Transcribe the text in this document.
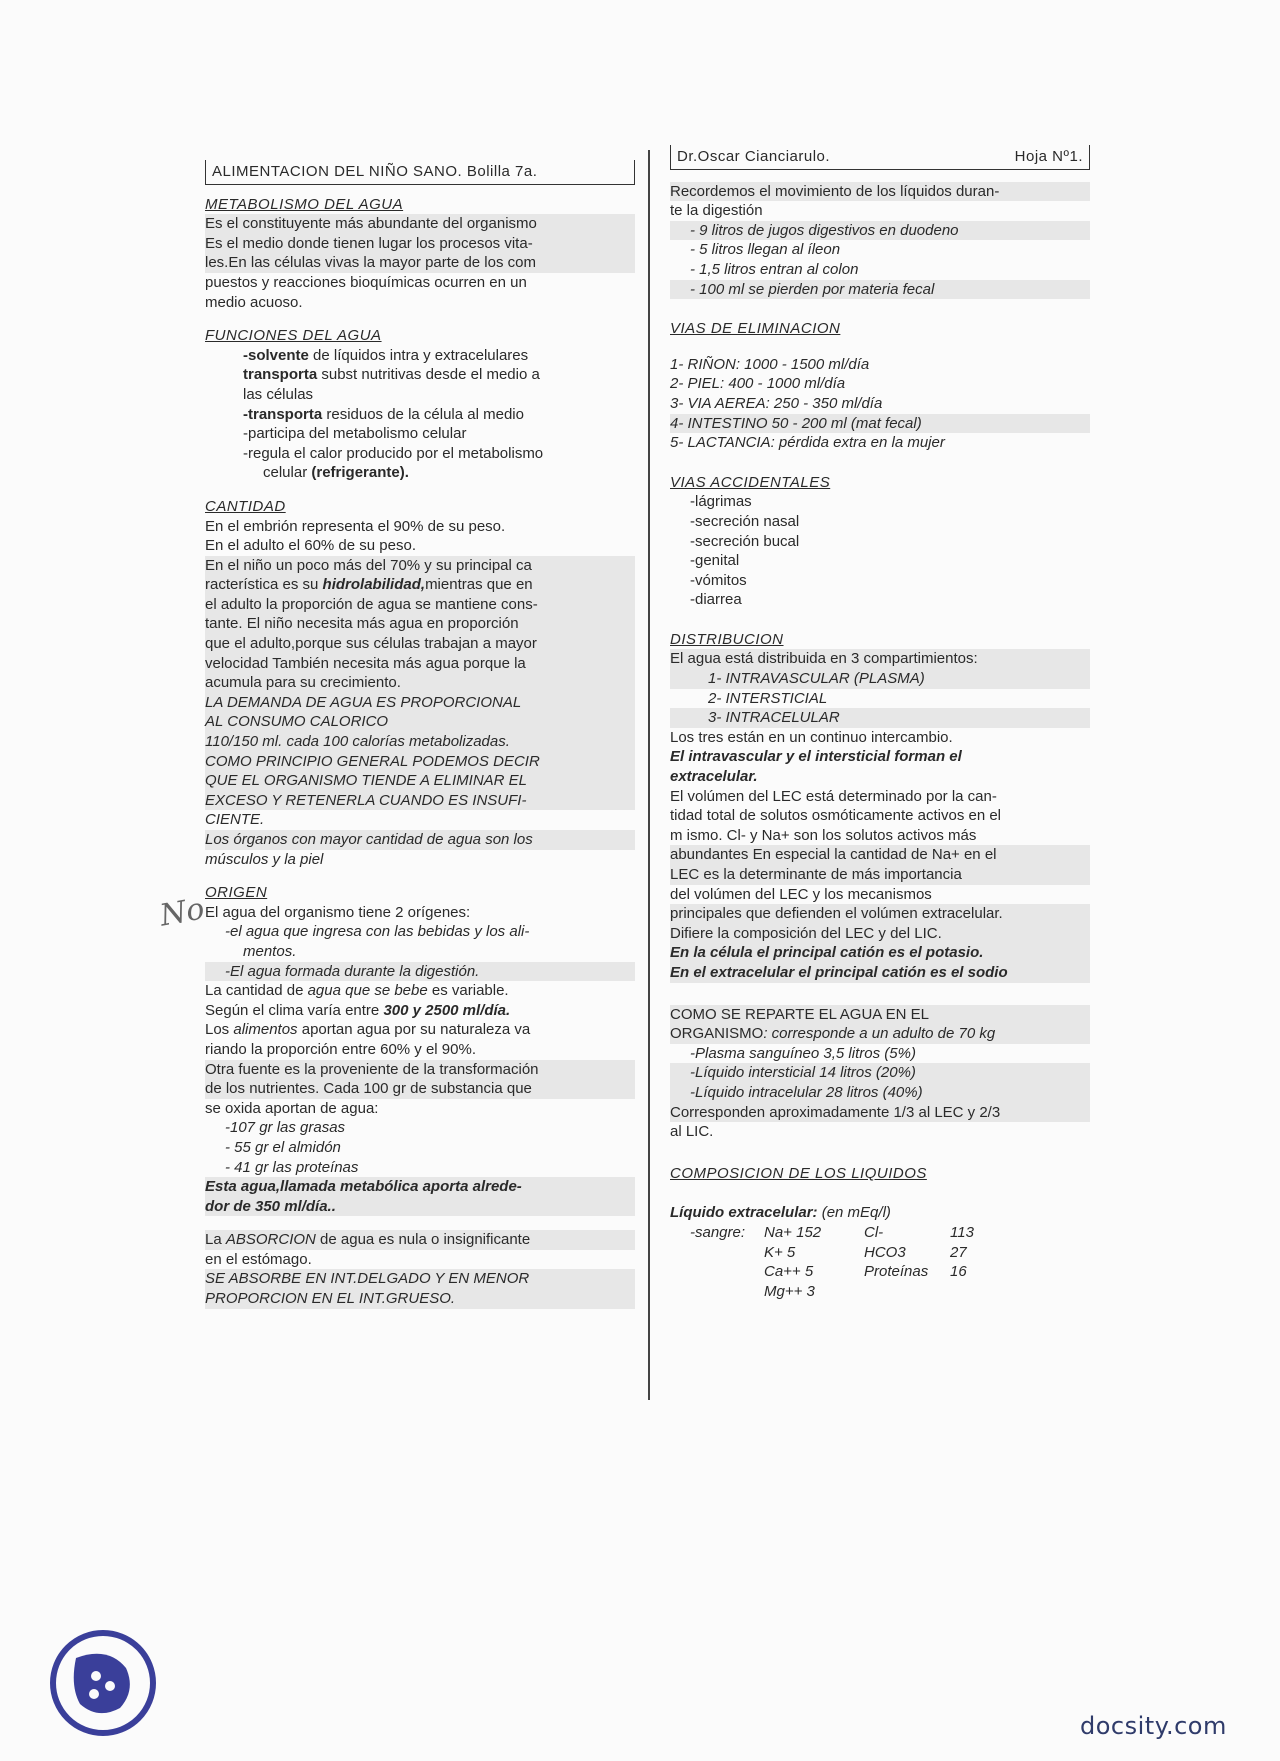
ALIMENTACION DEL NIÑO SANO. Bolilla 7a.
METABOLISMO DEL AGUA
Es el constituyente más abundante del organismo
Es el medio donde tienen lugar los procesos vita-
les.En las células vivas la mayor parte de los com
puestos y reacciones bioquímicas ocurren en un
medio acuoso.
FUNCIONES DEL AGUA
-solvente de líquidos intra y extracelulares
transporta subst nutritivas desde el medio a
las células
-transporta residuos de la célula al medio
-participa del metabolismo celular
-regula el calor producido por el metabolismo
celular (refrigerante).
CANTIDAD
En el embrión representa el 90% de su peso.
En el adulto el 60% de su peso.
En el niño un poco más del 70% y su principal ca
racterística es su hidrolabilidad,mientras que en
el adulto la proporción de agua se mantiene cons-
tante. El niño necesita más agua en proporción
que el adulto,porque sus células trabajan a mayor
velocidad También necesita más agua porque la
acumula para su crecimiento.
LA DEMANDA DE AGUA ES PROPORCIONAL
AL CONSUMO CALORICO
110/150 ml. cada 100 calorías metabolizadas.
COMO PRINCIPIO GENERAL PODEMOS DECIR
QUE EL ORGANISMO TIENDE A ELIMINAR EL
EXCESO Y RETENERLA CUANDO ES INSUFI-
CIENTE.
Los órganos con mayor cantidad de agua son los
músculos y la piel
ORIGEN
El agua del organismo tiene 2 orígenes:
-el agua que ingresa con las bebidas y los ali-
mentos.
-El agua formada durante la digestión.
La cantidad de agua que se bebe es variable.
Según el clima varía entre 300 y 2500 ml/día.
Los alimentos aportan agua por su naturaleza va
riando la proporción entre 60% y el 90%.
Otra fuente es la proveniente de la transformación
de los nutrientes. Cada 100 gr de substancia que
se oxida aportan de agua:
-107 gr las grasas
- 55 gr el almidón
- 41 gr las proteínas
Esta agua,llamada metabólica aporta alrede-
dor de 350 ml/día..
La ABSORCION de agua es nula o insignificante
en el estómago.
SE ABSORBE EN INT.DELGADO Y EN MENOR
PROPORCION EN EL INT.GRUESO.
Dr.Oscar Cianciarulo.	Hoja Nº1.
Recordemos el movimiento de los líquidos duran-
te la digestión
- 9 litros de jugos digestivos en duodeno
- 5 litros llegan al íleon
- 1,5 litros entran al colon
- 100 ml se pierden por materia fecal
VIAS DE ELIMINACION
1- RIÑON: 1000 - 1500 ml/día
2- PIEL: 400 - 1000 ml/día
3- VIA AEREA: 250 - 350 ml/día
4- INTESTINO 50 - 200 ml (mat fecal)
5- LACTANCIA: pérdida extra en la mujer
VIAS ACCIDENTALES
-lágrimas
-secreción nasal
-secreción bucal
-genital
-vómitos
-diarrea
DISTRIBUCION
El agua está distribuida en 3 compartimientos:
1- INTRAVASCULAR (PLASMA)
2- INTERSTICIAL
3- INTRACELULAR
Los tres están en un continuo intercambio.
El intravascular y el intersticial forman el
extracelular.
El volúmen del LEC está determinado por la can-
tidad total de solutos osmóticamente activos en el
m ismo. Cl- y Na+ son los solutos activos más
abundantes En especial la cantidad de Na+ en el
LEC es la determinante de más importancia
del volúmen del LEC y los mecanismos
principales que defienden el volúmen extracelular.
Difiere la composición del LEC y del LIC.
En la célula el principal catión es el potasio.
En el extracelular el principal catión es el sodio
COMO SE REPARTE EL AGUA EN EL
ORGANISMO: corresponde a un adulto de 70 kg
-Plasma sanguíneo 3,5 litros (5%)
-Líquido intersticial 14 litros (20%)
-Líquido intracelular 28 litros (40%)
Corresponden aproximadamente 1/3 al LEC y 2/3
al LIC.
COMPOSICION DE LOS LIQUIDOS
Líquido extracelular: (en mEq/l)
-sangre:	Na+ 152	Cl-	113
K+ 5	HCO3	27
Ca++ 5	Proteínas	16
Mg++ 3
No
docsity.com
